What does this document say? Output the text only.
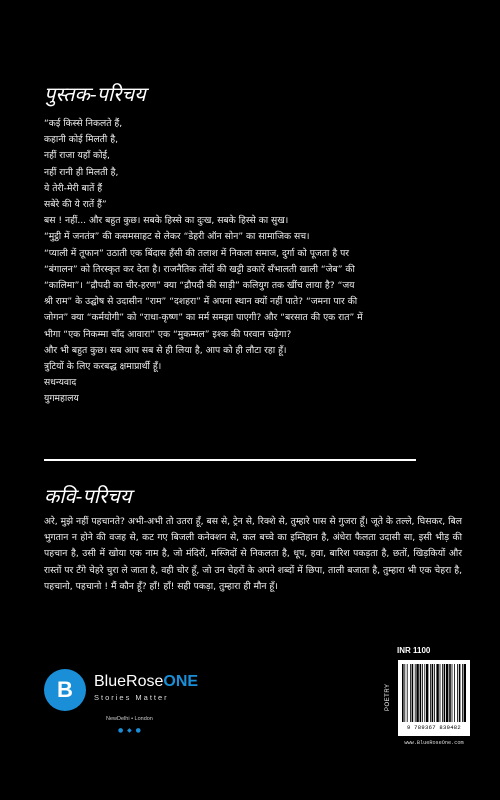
पुस्तक-परिचय
“कई किस्से निकलते हैं,
कहानी कोई मिलती है,
नहीं राजा यहाँ कोई,
नहीं रानी ही मिलती है,
ये तेरी-मेरी बातें हैं
सबेरे की ये रातें हैं”
बस ! नहीं... और बहुत कुछ। सबके हिस्से का दुःख, सबके हिस्से का सुख।
“मुट्ठी में जनतंत्र” की कसमसाहट से लेकर “डेहरी ऑन सोन” का सामाजिक सच।
“प्याली में तूफान” उठाती एक बिंदास हँसी की तलाश में निकला समाज, दुर्गा को पूजता है पर
“बंगालन” को तिरस्कृत कर देता है। राजनैतिक तोंदों की खट्टी डकारें सँभालती खाली “जेब” की
“कालिमा”। “द्रौपदी का चीर-हरण” क्या “द्रौपदी की साड़ी” कलियुग तक खींच लाया है? “जय
श्री राम” के उद्घोष से उदासीन “राम” “दशहरा” में अपना स्थान क्यों नहीं पाते? “जमना पार की
जोगन” क्या “कर्मयोगी” को “राधा-कृष्ण” का मर्म समझा पाएगी? और “बरसात की एक रात” में
भीगा “एक निकम्मा चाँद आवारा” एक “मुकम्मल” इश्क की परवान चढ़ेगा?
और भी बहुत कुछ। सब आप सब से ही लिया है, आप को ही लौटा रहा हूँ।
त्रुटियों के लिए करबद्ध क्षमाप्रार्थी हूँ।
सधन्यवाद
युगमहालय
कवि-परिचय
अरे, मुझे नहीं पहचानते? अभी-अभी तो उतरा हूँ, बस से, ट्रेन से, रिक्शे से, तुम्हारे पास से गुजरा हूँ। जूते के तल्ले, घिसकर, बिल भुगतान न होने की वजह से, कट गए बिजली कनेक्शन से, कल बच्चे का इम्तिहान है, अंधेरा फैलता उदासी सा, इसी भीड़ की पहचान है, उसी में खोया एक नाम है, जो मंदिरों, मस्जिदों से निकलता है, धूप, हवा, बारिश पकड़ता है, छतों, खिड़कियों और रास्तों पर टँगे चेहरे चुरा ले जाता है, वही चोर हूँ, जो उन चेहरों के अपने शब्दों में छिपा, ताली बजाता है, तुम्हारा भी एक चेहरा है, पहचानो, पहचानो ! मैं कौन हूँ? हाँ! हाँ! सही पकड़ा, तुम्हारा ही मौन हूँ।
B	BlueRoseONE
Stories Matter
NewDelhi • London
● ◆ ●
INR 1100
POETRY
9 789367 830482
www.BlueRoseOne.com
